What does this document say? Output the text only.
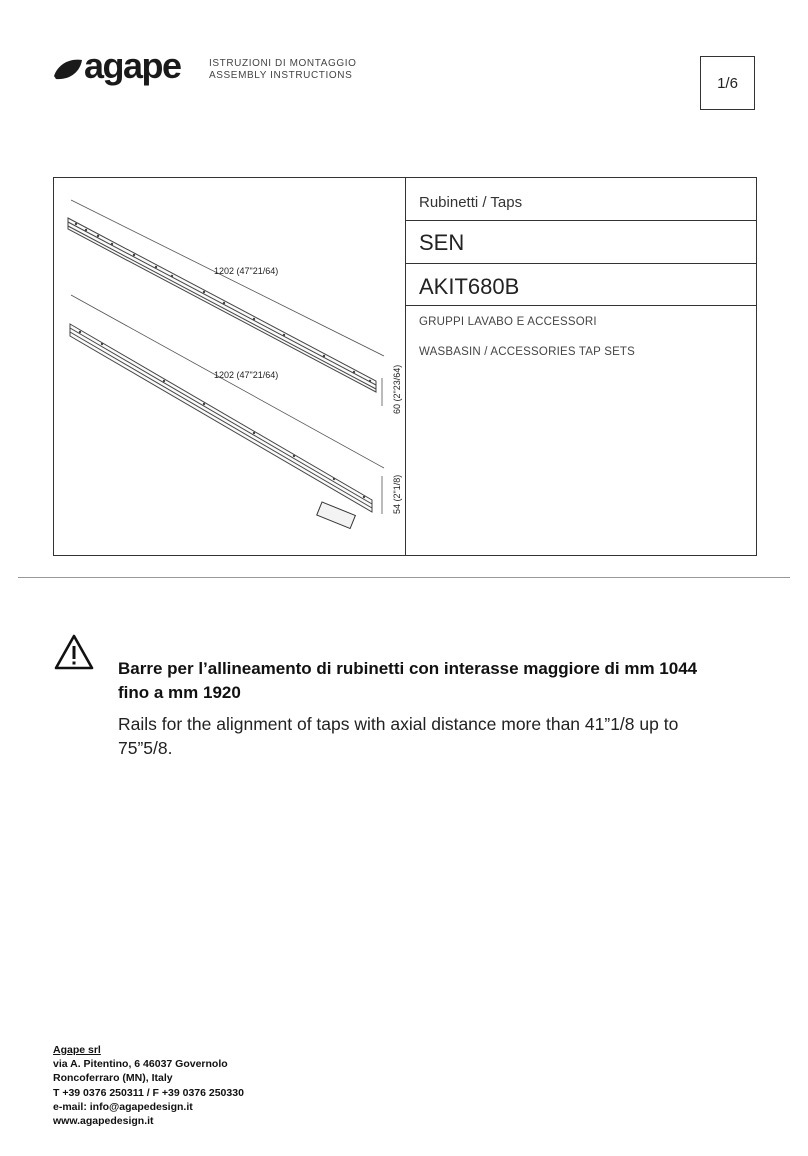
agape	ISTRUZIONI DI MONTAGGIO
ASSEMBLY INSTRUCTIONS	1/6
1202 (47"21/64)
60 (2"23/64)
1202 (47"21/64)
54 (2"1/8)
Rubinetti / Taps
SEN
AKIT680B
GRUPPI LAVABO E ACCESSORI
WASBASIN / ACCESSORIES TAP SETS
Barre per l’allineamento di rubinetti con interasse maggiore di mm 1044 fino a mm 1920
Rails for the alignment of taps with axial distance more than 41”1/8 up to 75”5/8.
Agape srl
via A. Pitentino, 6 46037 Governolo
Roncoferraro (MN), Italy
T +39 0376 250311 / F +39 0376 250330
e-mail: info@agapedesign.it
www.agapedesign.it
